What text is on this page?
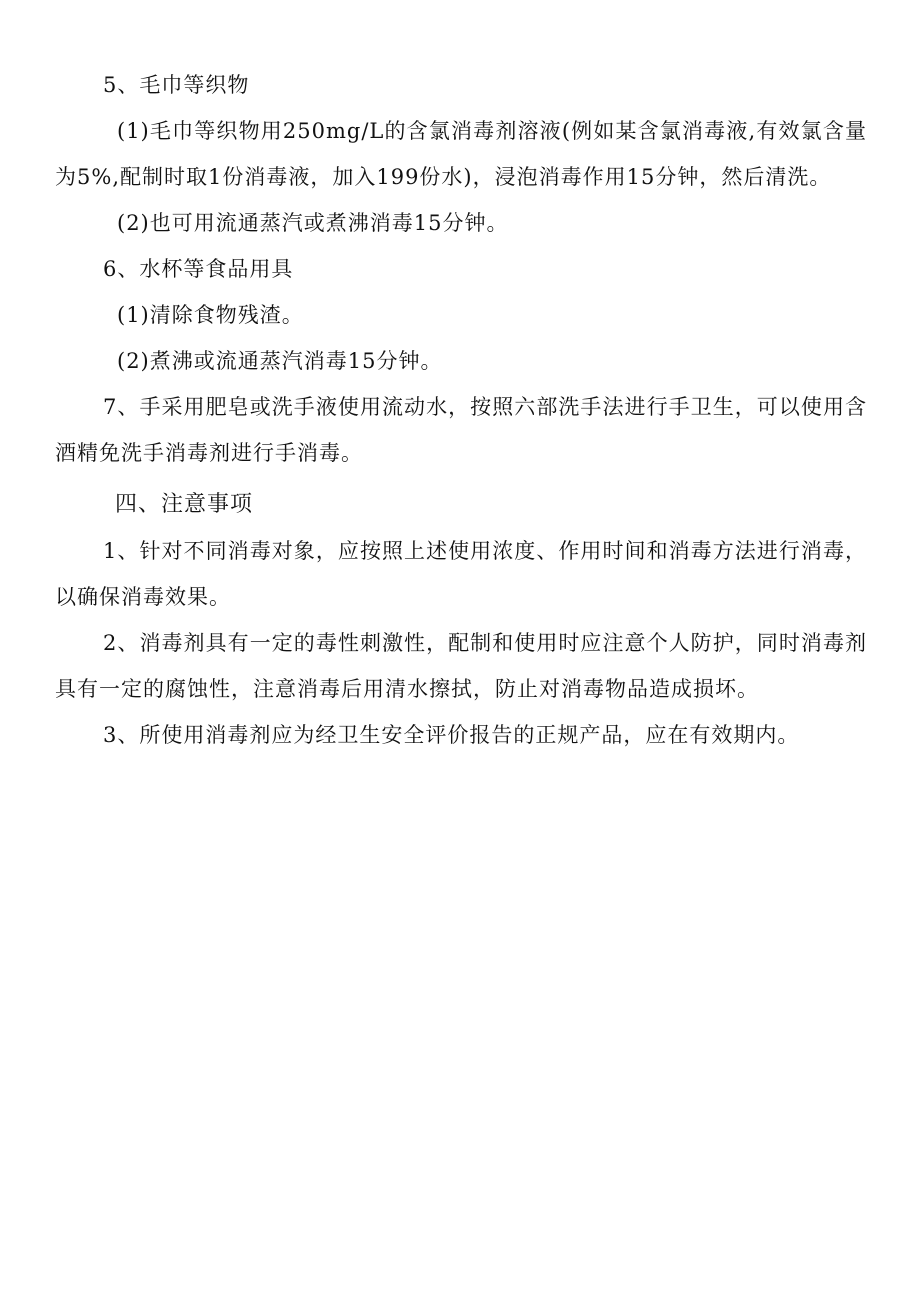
5、毛巾等织物

(1)毛巾等织物用250mg/L的含氯消毒剂溶液(例如某含氯消毒液,有效氯含量为5%,配制时取1份消毒液，加入199份水)，浸泡消毒作用15分钟，然后清洗。

(2)也可用流通蒸汽或煮沸消毒15分钟。

6、水杯等食品用具

(1)清除食物残渣。

(2)煮沸或流通蒸汽消毒15分钟。

7、手采用肥皂或洗手液使用流动水，按照六部洗手法进行手卫生，可以使用含酒精免洗手消毒剂进行手消毒。

四、注意事项

1、针对不同消毒对象，应按照上述使用浓度、作用时间和消毒方法进行消毒，以确保消毒效果。

2、消毒剂具有一定的毒性刺激性，配制和使用时应注意个人防护，同时消毒剂具有一定的腐蚀性，注意消毒后用清水擦拭，防止对消毒物品造成损坏。

3、所使用消毒剂应为经卫生安全评价报告的正规产品，应在有效期内。
